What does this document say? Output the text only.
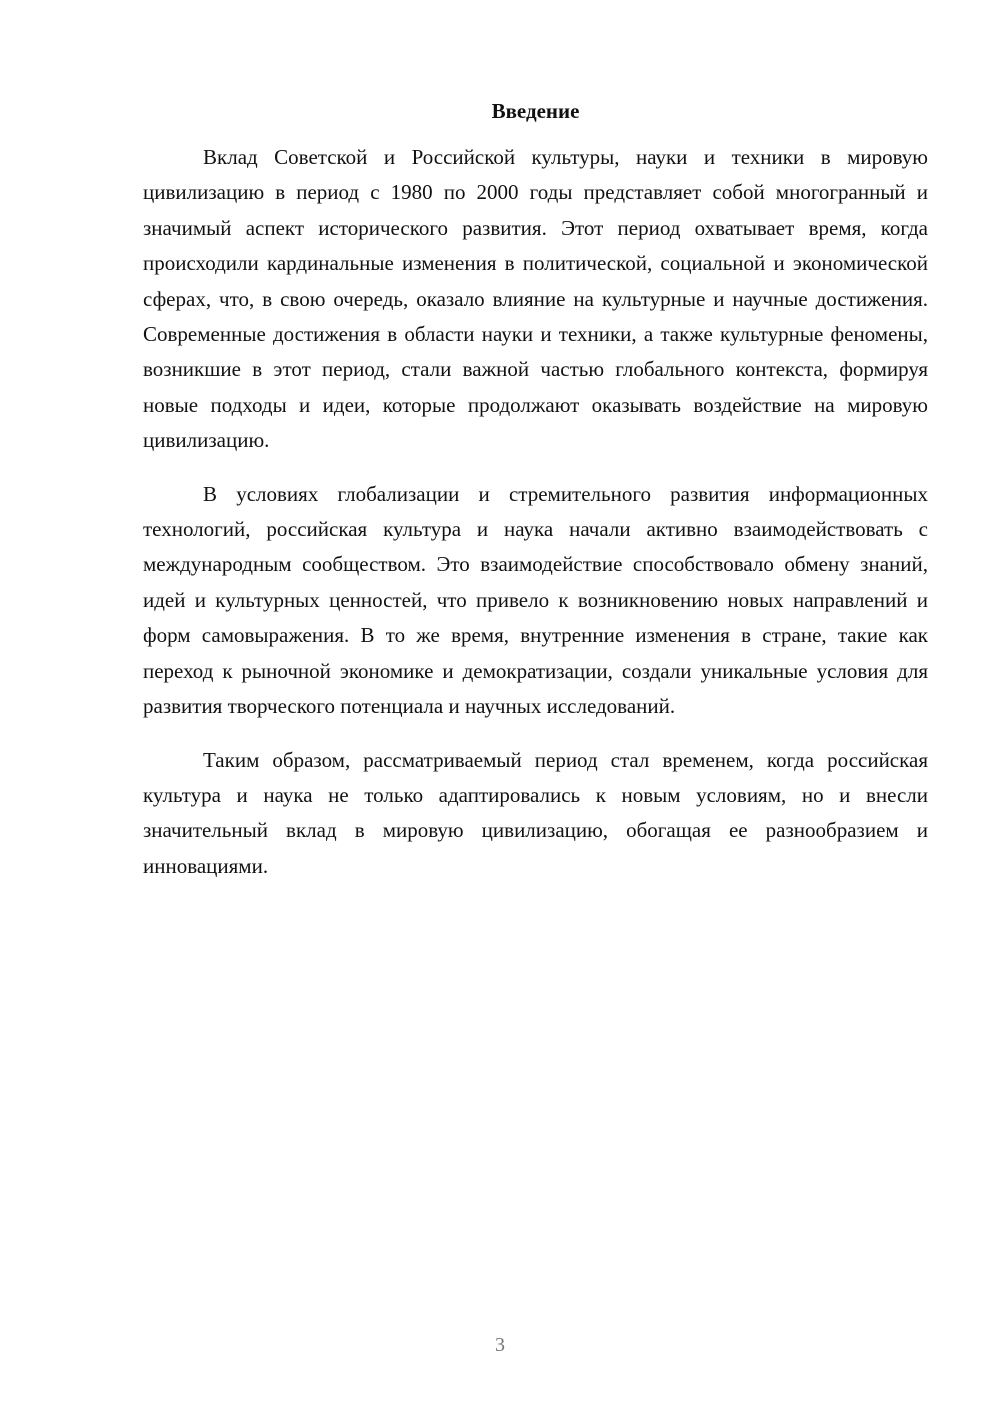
Введение

Вклад Советской и Российской культуры, науки и техники в мировую цивилизацию в период с 1980 по 2000 годы представляет собой многогранный и значимый аспект исторического развития. Этот период охватывает время, когда происходили кардинальные изменения в политической, социальной и экономической сферах, что, в свою очередь, оказало влияние на культурные и научные достижения. Современные достижения в области науки и техники, а также культурные феномены, возникшие в этот период, стали важной частью глобального контекста, формируя новые подходы и идеи, которые продолжают оказывать воздействие на мировую цивилизацию.

В условиях глобализации и стремительного развития информационных технологий, российская культура и наука начали активно взаимодействовать с международным сообществом. Это взаимодействие способствовало обмену знаний, идей и культурных ценностей, что привело к возникновению новых направлений и форм самовыражения. В то же время, внутренние изменения в стране, такие как переход к рыночной экономике и демократизации, создали уникальные условия для развития творческого потенциала и научных исследований.

Таким образом, рассматриваемый период стал временем, когда российская культура и наука не только адаптировались к новым условиям, но и внесли значительный вклад в мировую цивилизацию, обогащая ее разнообразием и инновациями.

3
